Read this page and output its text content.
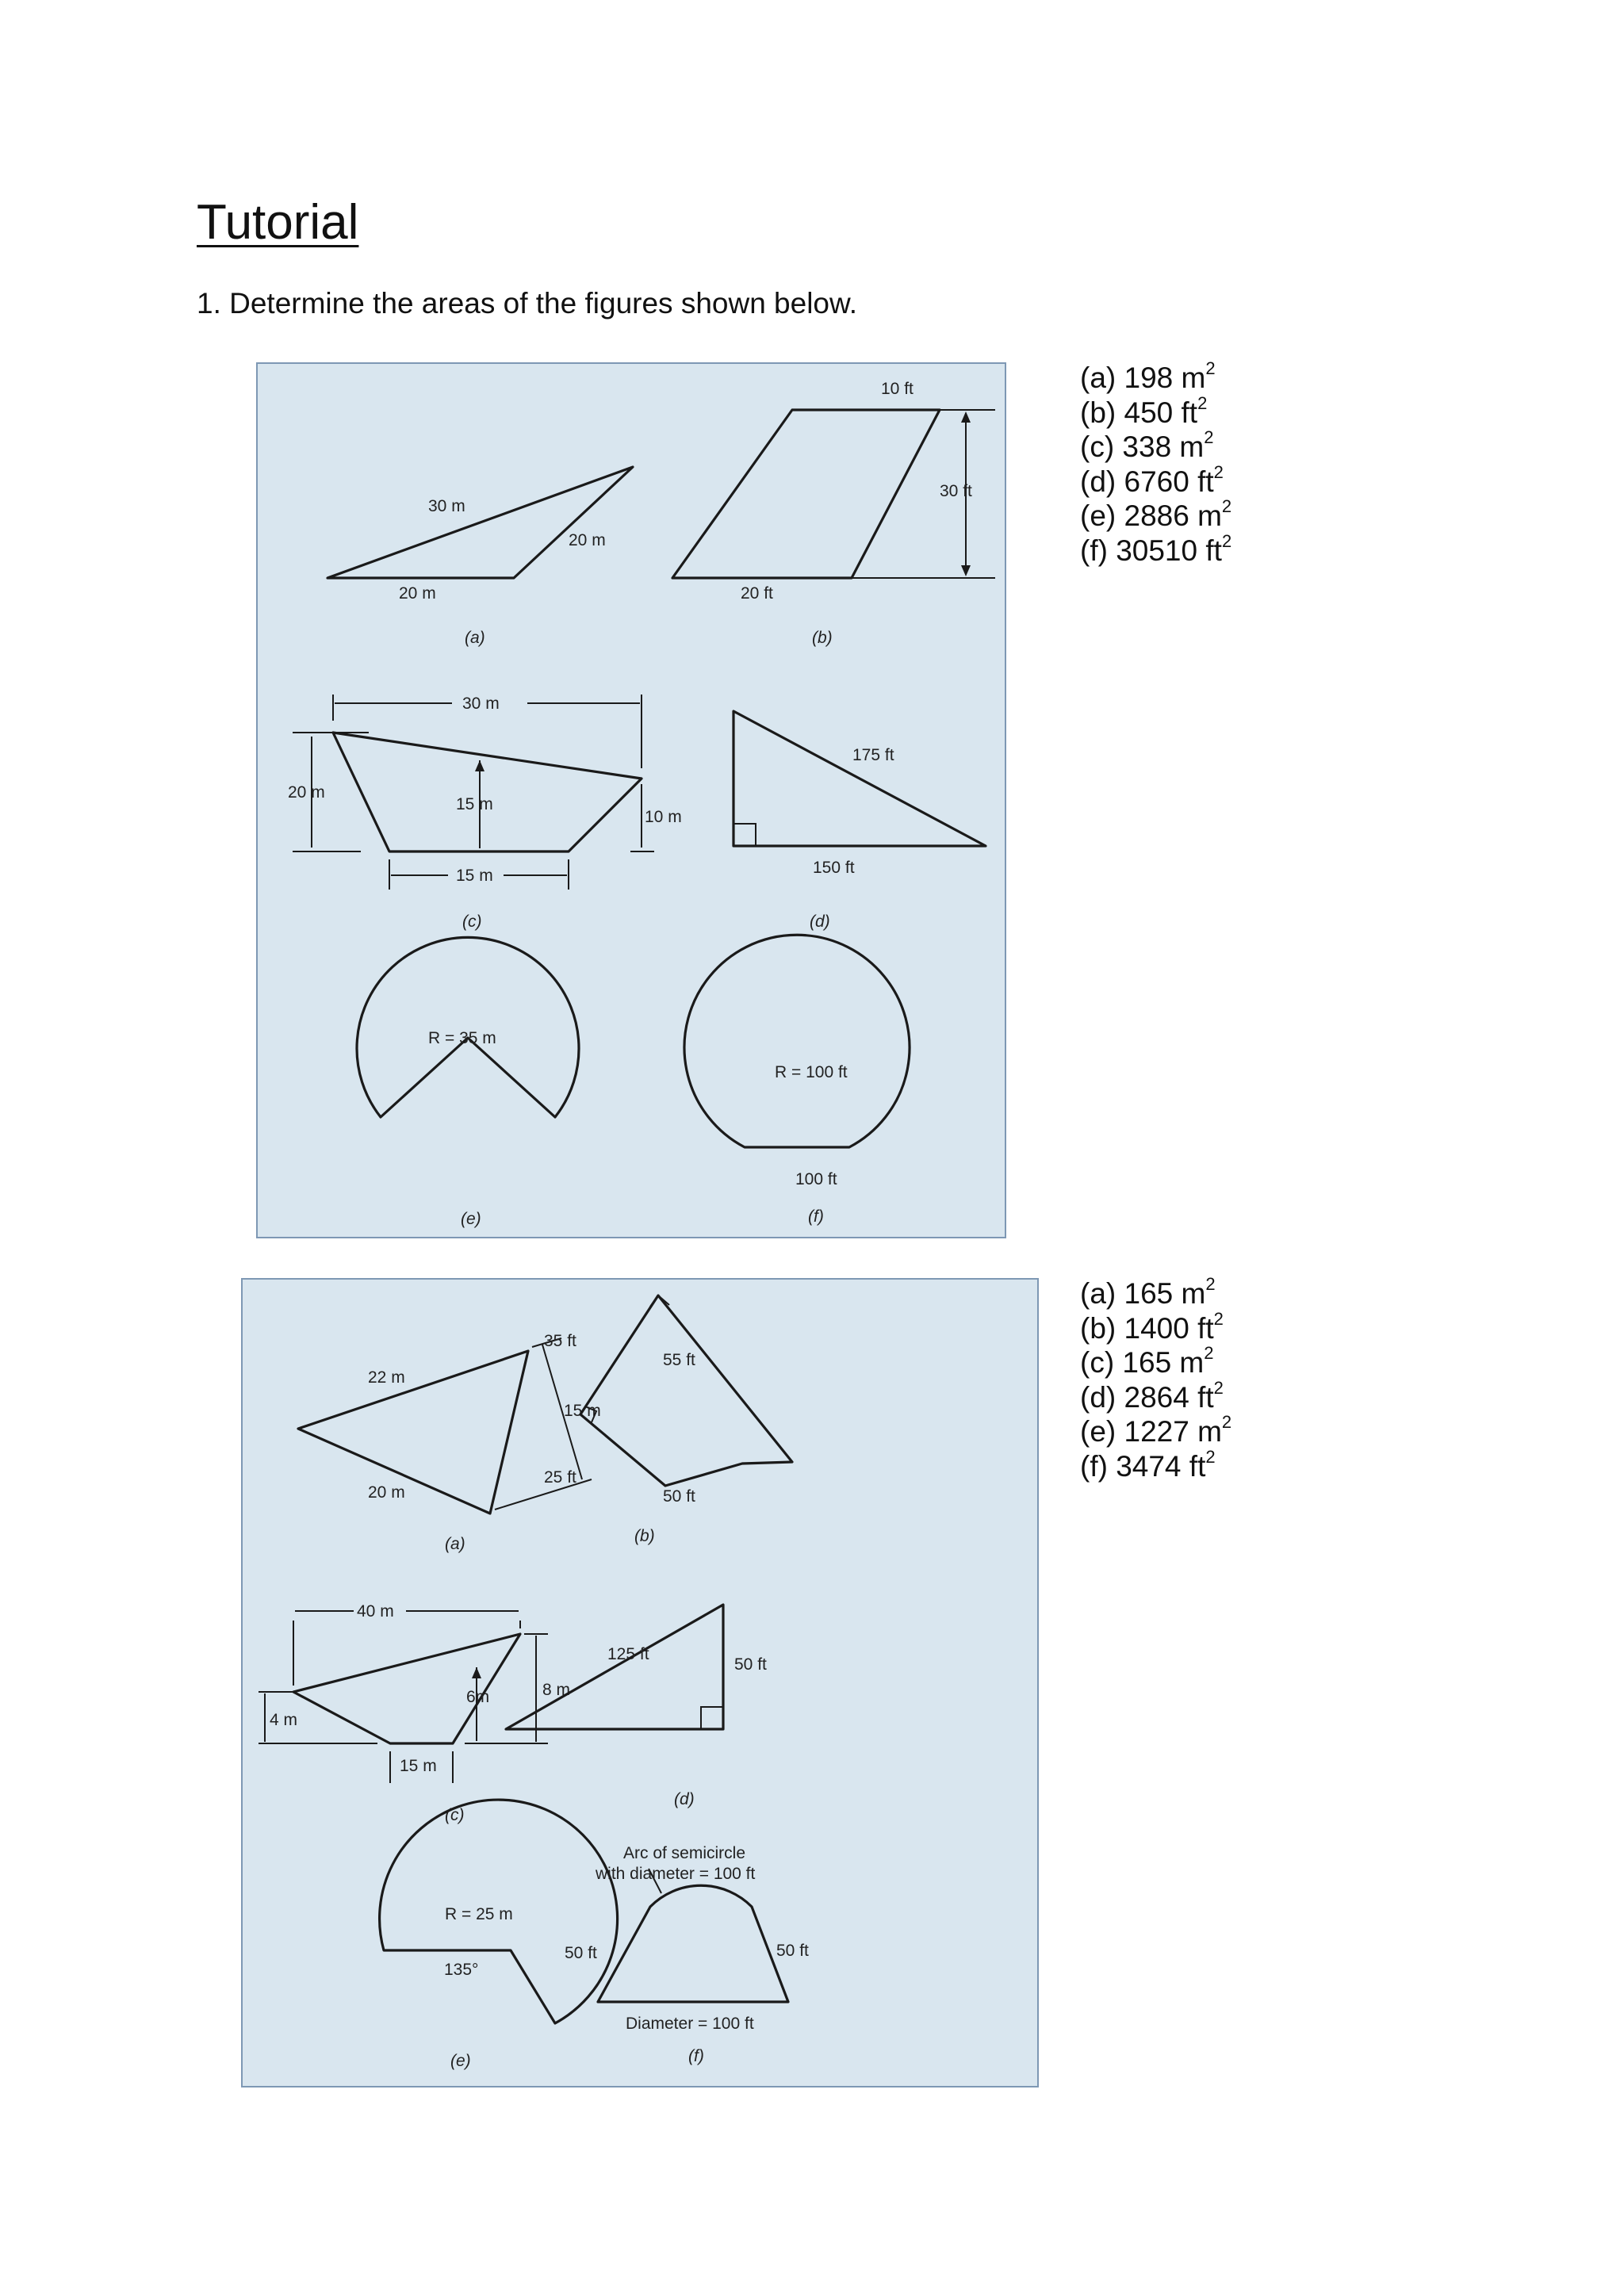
Tutorial
1. Determine the areas of the figures shown below.
30 m
20 m
20 m
(a)
10 ft
30 ft
20 ft
(b)
30 m
20 m
15 m
10 m
15 m
(c)
175 ft
150 ft
(d)
R = 35 m
(e)
R = 100 ft
100 ft
(f)
(a) 198 $m^2$
(b) 450 $ft^2$
(c) 338 $m^2$
(d) 6760 $ft^2$
(e) 2886 $m^2$
(f) 30510 $ft^2$
22 m
15 m
20 m
(a)
50 ft
55 ft
35 ft
25 ft
(b)
40 m
6m
4 m
8 m
15 m
(c)
125 ft
50 ft
(d)
R = 25 m
135°
(e)
Arc of semicircle
with diameter = 100 ft
50 ft	50 ft
Diameter = 100 ft
(f)
(a) 165 $m^2$
(b) 1400 $ft^2$
(c) 165 $m^2$
(d) 2864 $ft^2$
(e) 1227 $m^2$
(f) 3474 $ft^2$
